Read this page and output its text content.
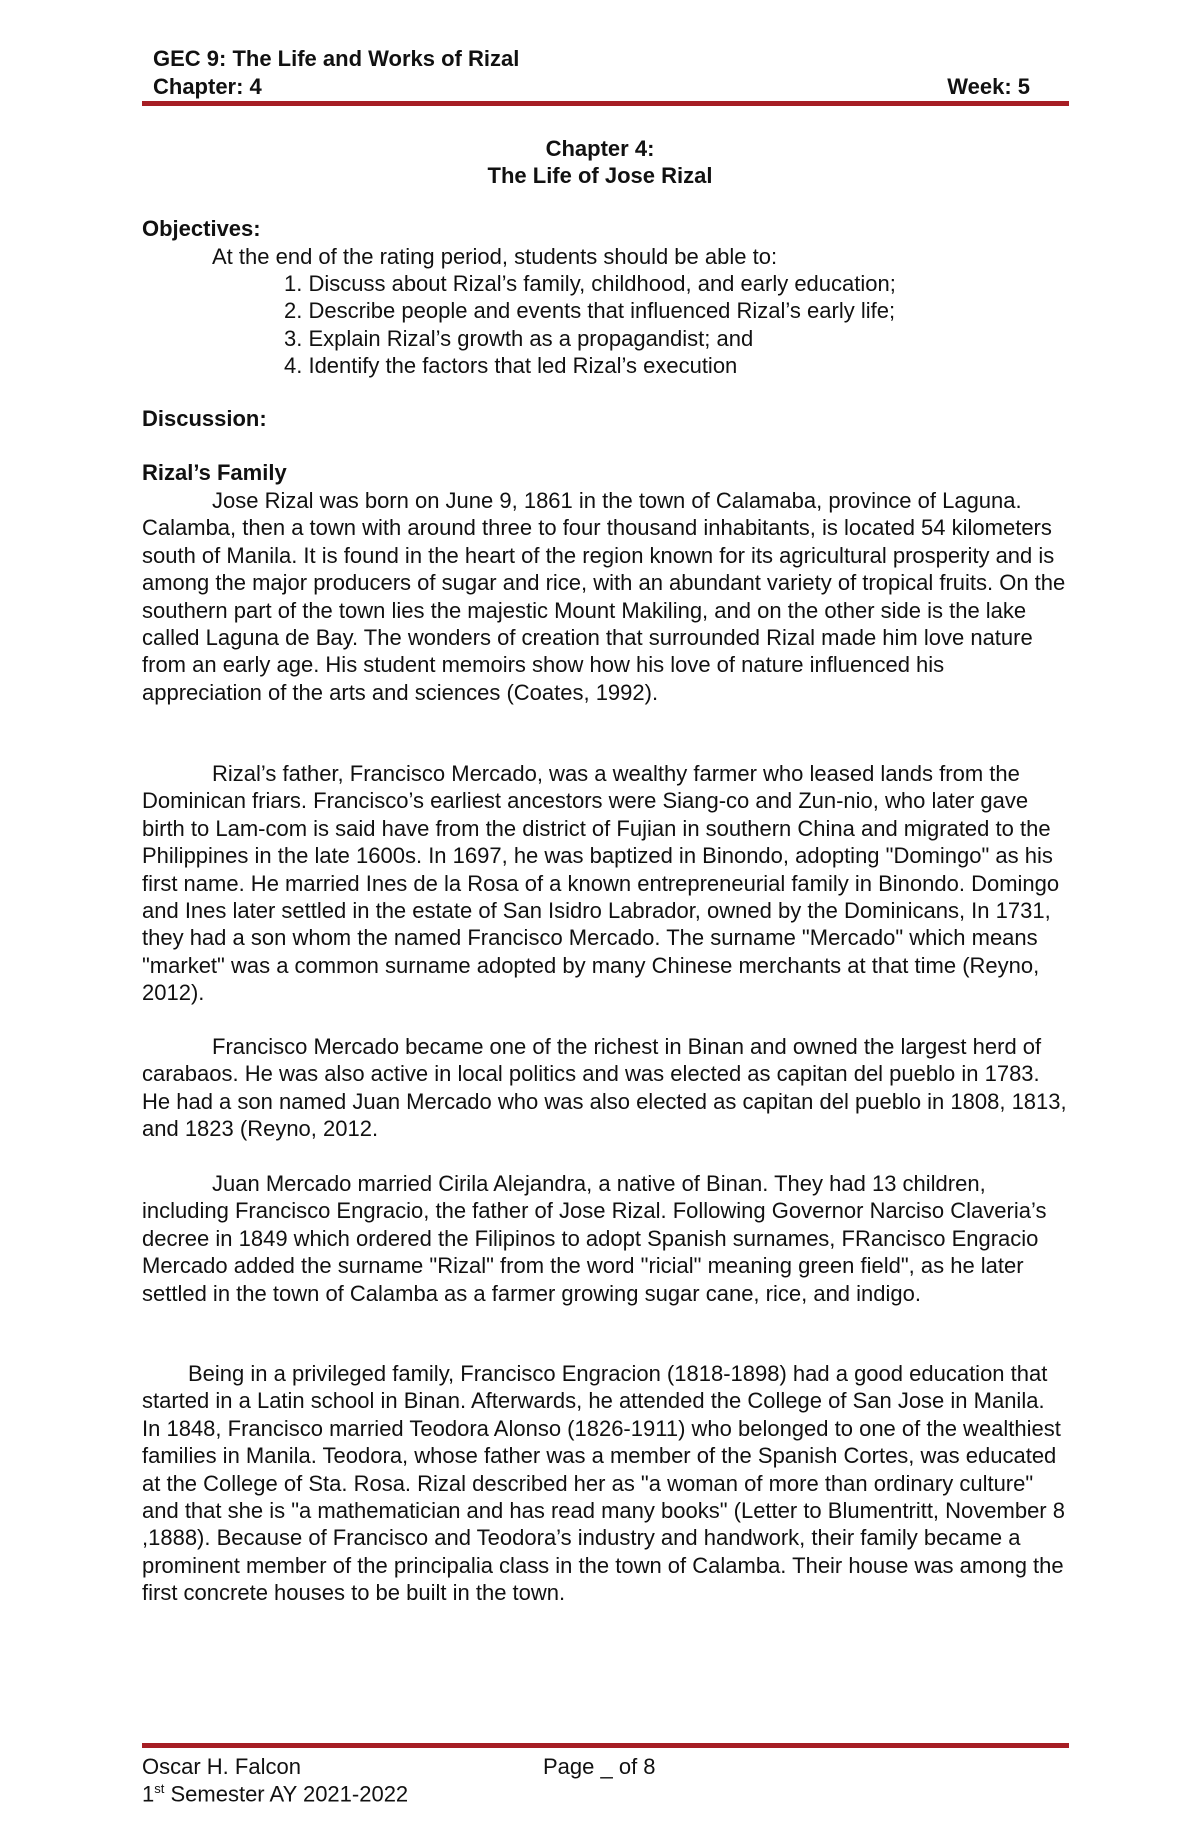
GEC 9: The Life and Works of Rizal
Chapter: 4	Week: 5
Chapter 4:
The Life of Jose Rizal
Objectives:
At the end of the rating period, students should be able to:
1. Discuss about Rizal’s family, childhood, and early education;
2. Describe people and events that influenced Rizal’s early life;
3. Explain Rizal’s growth as a propagandist; and
4. Identify the factors that led Rizal’s execution
Discussion:
Rizal’s Family
Jose Rizal was born on June 9, 1861 in the town of Calamaba, province of Laguna. Calamba, then a town with around three to four thousand inhabitants, is located 54 kilometers south of Manila. It is found in the heart of the region known for its agricultural prosperity and is among the major producers of sugar and rice, with an abundant variety of tropical fruits. On the southern part of the town lies the majestic Mount Makiling, and on the other side is the lake called Laguna de Bay. The wonders of creation that surrounded Rizal made him love nature from an early age. His student memoirs show how his love of nature influenced his appreciation of the arts and sciences (Coates, 1992).
Rizal’s father, Francisco Mercado, was a wealthy farmer who leased lands from the Dominican friars. Francisco’s earliest ancestors were Siang-co and Zun-nio, who later gave birth to Lam-com is said have from the district of Fujian in southern China and migrated to the Philippines in the late 1600s. In 1697, he was baptized in Binondo, adopting "Domingo" as his first name. He married Ines de la Rosa of a known entrepreneurial family in Binondo. Domingo and Ines later settled in the estate of San Isidro Labrador, owned by the Dominicans, In 1731, they had a son whom the named Francisco Mercado. The surname "Mercado" which means "market" was a common surname adopted by many Chinese merchants at that time (Reyno, 2012).
Francisco Mercado became one of the richest in Binan and owned the largest herd of carabaos. He was also active in local politics and was elected as capitan del pueblo in 1783. He had a son named Juan Mercado who was also elected as capitan del pueblo in 1808, 1813, and 1823 (Reyno, 2012.
Juan Mercado married Cirila Alejandra, a native of Binan. They had 13 children, including Francisco Engracio, the father of Jose Rizal. Following Governor Narciso Claveria’s decree in 1849 which ordered the Filipinos to adopt Spanish surnames, FRancisco Engracio Mercado added the surname "Rizal" from the word "ricial" meaning green field", as he later settled in the town of Calamba as a farmer growing sugar cane, rice, and indigo.
Being in a privileged family, Francisco Engracion (1818-1898) had a good education that started in a Latin school in Binan. Afterwards, he attended the College of San Jose in Manila. In 1848, Francisco married Teodora Alonso (1826-1911) who belonged to one of the wealthiest families in Manila. Teodora, whose father was a member of the Spanish Cortes, was educated at the College of Sta. Rosa. Rizal described her as "a woman of more than ordinary culture" and that she is "a mathematician and has read many books" (Letter to Blumentritt, November 8 ,1888). Because of Francisco and Teodora’s industry and handwork, their family became a prominent member of the principalia class in the town of Calamba. Their house was among the first concrete houses to be built in the town.
Oscar H. Falcon	Page _ of 8
1st Semester AY 2021-2022
